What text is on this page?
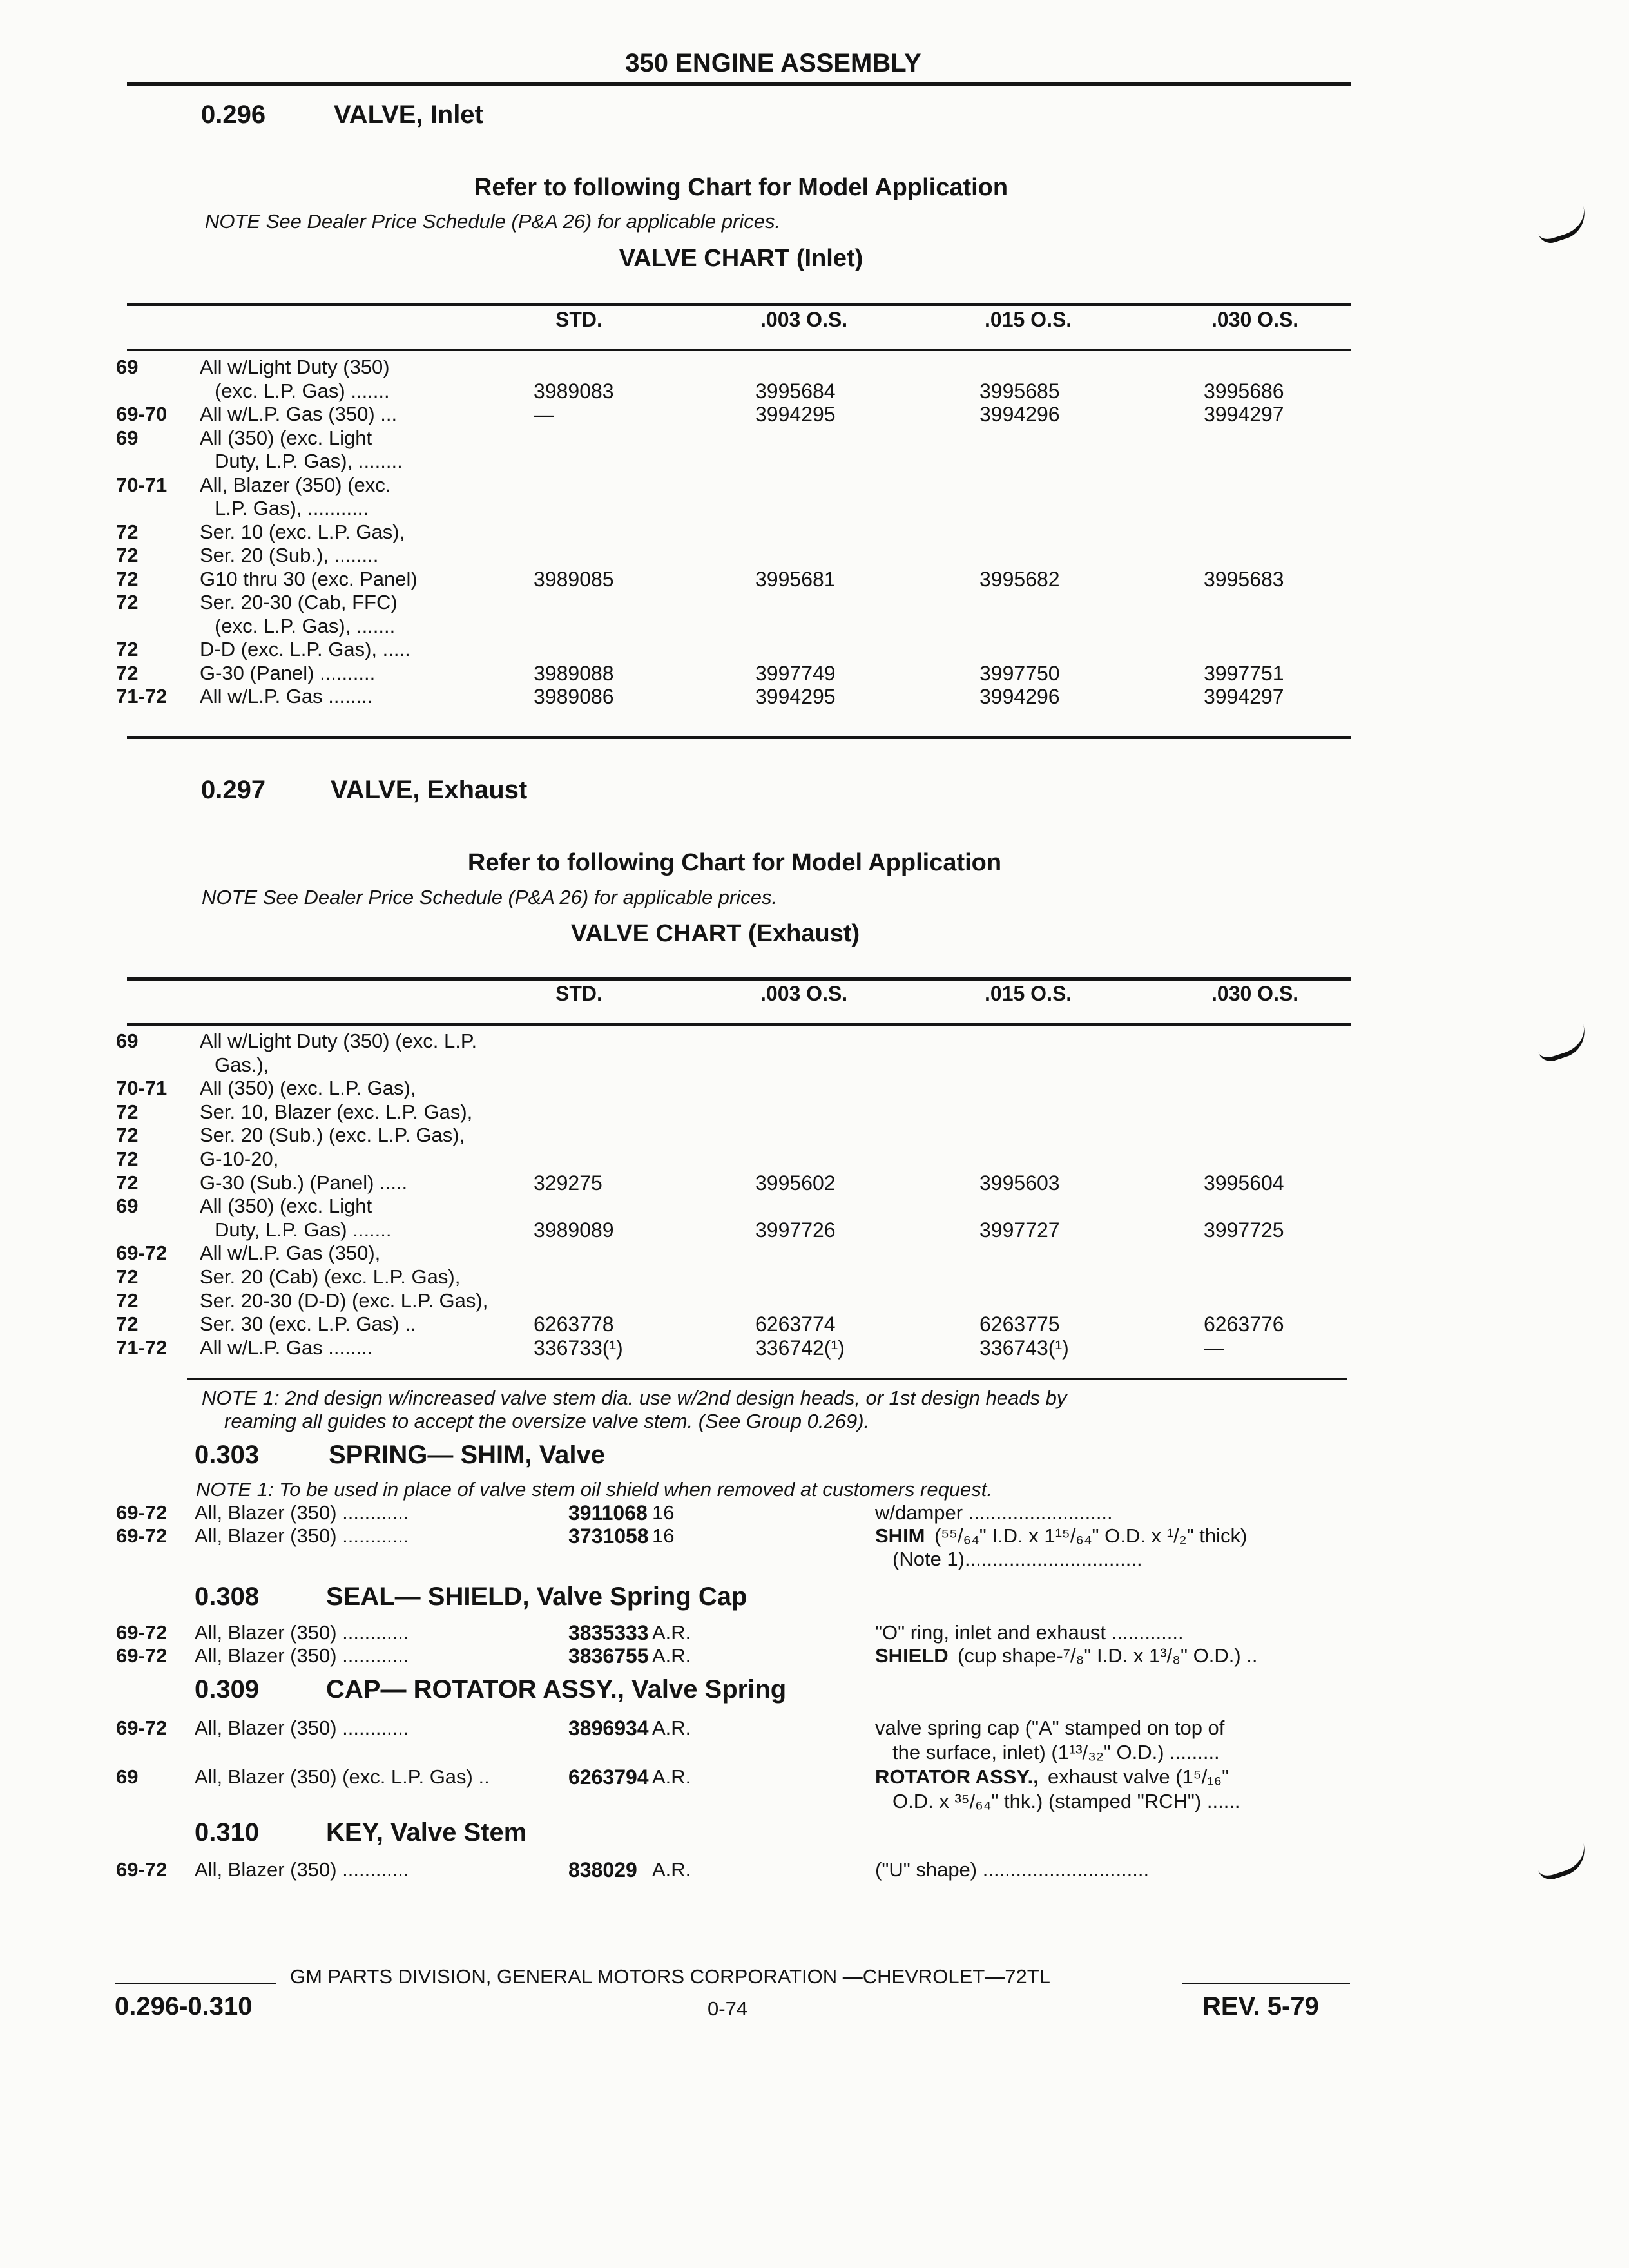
350 ENGINE ASSEMBLY
0.296	VALVE, Inlet
Refer to following Chart for Model Application
NOTE See Dealer Price Schedule (P&A 26) for applicable prices.
VALVE CHART (Inlet)
STD.	.003 O.S.	.015 O.S.	.030 O.S.
69	All w/Light Duty (350)
(exc. L.P. Gas) .......	3989083	3995684	3995685	3995686
69-70 All w/L.P. Gas (350) ...	—	3994295	3994296	3994297
69	All (350) (exc. Light
Duty, L.P. Gas), ........
70-71 All, Blazer (350) (exc.
L.P. Gas), ...........
72	Ser. 10 (exc. L.P. Gas),
72	Ser. 20 (Sub.), ........
72	G10 thru 30 (exc. Panel)	3989085	3995681	3995682	3995683
72	Ser. 20-30 (Cab, FFC)
(exc. L.P. Gas), .......
72	D-D (exc. L.P. Gas), .....
72	G-30 (Panel) ..........	3989088	3997749	3997750	3997751
71-72 All w/L.P. Gas ........	3989086	3994295	3994296	3994297
0.297	VALVE, Exhaust
Refer to following Chart for Model Application
NOTE See Dealer Price Schedule (P&A 26) for applicable prices.
VALVE CHART (Exhaust)
STD.	.003 O.S.	.015 O.S.	.030 O.S.
69	All w/Light Duty (350) (exc. L.P.
Gas.),
70-71 All (350) (exc. L.P. Gas),
72	Ser. 10, Blazer (exc. L.P. Gas),
72	Ser. 20 (Sub.) (exc. L.P. Gas),
72	G-10-20,
72	G-30 (Sub.) (Panel) .....	329275	3995602	3995603	3995604
69	All (350) (exc. Light
Duty, L.P. Gas) .......	3989089	3997726	3997727	3997725
69-72 All w/L.P. Gas (350),
72	Ser. 20 (Cab) (exc. L.P. Gas),
72	Ser. 20-30 (D-D) (exc. L.P. Gas),
72	Ser. 30 (exc. L.P. Gas) ..	6263778	6263774	6263775	6263776
71-72 All w/L.P. Gas ........	336733(¹)	336742(¹)	336743(¹)	—
NOTE 1: 2nd design w/increased valve stem dia. use w/2nd design heads, or 1st design heads by
reaming all guides to accept the oversize valve stem. (See Group 0.269).
0.303	SPRING— SHIM, Valve
NOTE 1: To be used in place of valve stem oil shield when removed at customers request.
69-72 All, Blazer (350) ............	3911068 16	w/damper ..........................
69-72 All, Blazer (350) ............	3731058 16	SHIM (⁵⁵/₆₄" I.D. x 1¹⁵/₆₄" O.D. x ¹/₂" thick)
(Note 1)................................
0.308	SEAL— SHIELD, Valve Spring Cap
69-72 All, Blazer (350) ............	3835333 A.R.	"O" ring, inlet and exhaust .............
69-72 All, Blazer (350) ............	3836755 A.R.	SHIELD (cup shape-⁷/₈" I.D. x 1³/₈" O.D.) ..
0.309	CAP— ROTATOR ASSY., Valve Spring
69-72 All, Blazer (350) ............	3896934 A.R.	valve spring cap ("A" stamped on top of
the surface, inlet) (1¹³/₃₂" O.D.) .........
69	All, Blazer (350) (exc. L.P. Gas) ..	6263794 A.R.	ROTATOR ASSY., exhaust valve (1⁵/₁₆"
O.D. x ³⁵/₆₄" thk.) (stamped "RCH") ......
0.310	KEY, Valve Stem
69-72 All, Blazer (350) ............	838029 A.R.	("U" shape) ..............................
GM PARTS DIVISION, GENERAL MOTORS CORPORATION —CHEVROLET—72TL
0.296-0.310	0-74	REV. 5-79
